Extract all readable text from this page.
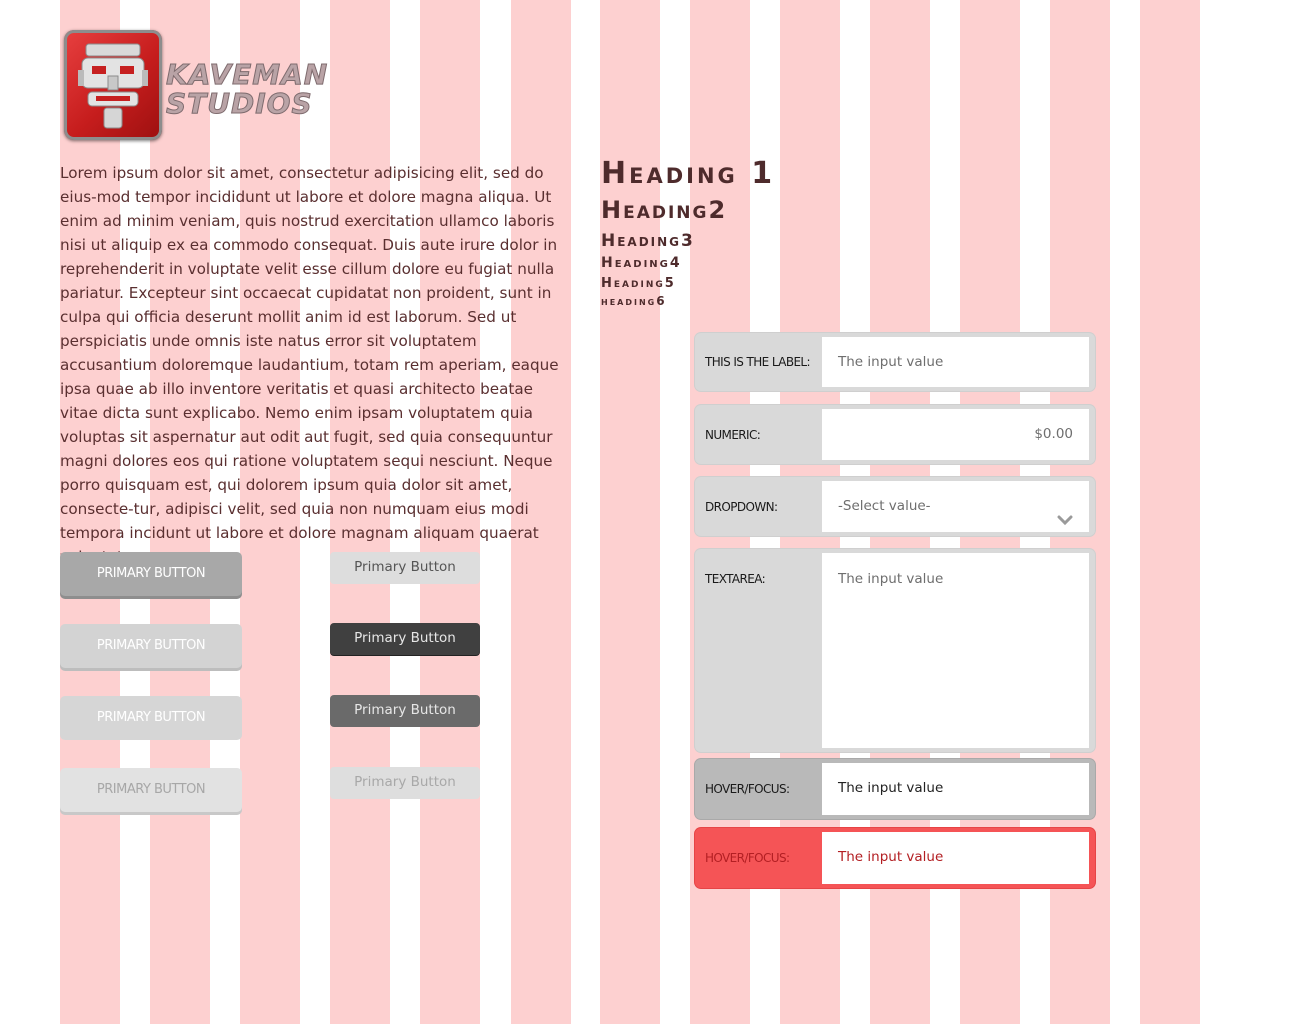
KAVEMAN
STUDIOS

Lorem ipsum dolor sit amet, consectetur adipisicing elit, sed do eius-mod tempor incididunt ut labore et dolore magna aliqua. Ut enim ad minim veniam, quis nostrud exercitation ullamco laboris nisi ut aliquip ex ea commodo consequat. Duis aute irure dolor in reprehenderit in voluptate velit esse cillum dolore eu fugiat nulla pariatur. Excepteur sint occaecat cupidatat non proident, sunt in culpa qui officia deserunt mollit anim id est laborum. Sed ut perspiciatis unde omnis iste natus error sit voluptatem accusantium doloremque laudantium, totam rem aperiam, eaque ipsa quae ab illo inventore veritatis et quasi architecto beatae vitae dicta sunt explicabo. Nemo enim ipsam voluptatem quia voluptas sit aspernatur aut odit aut fugit, sed quia consequuntur magni dolores eos qui ratione voluptatem sequi nesciunt. Neque porro quisquam est, qui dolorem ipsum quia dolor sit amet, consecte-tur, adipisci velit, sed quia non numquam eius modi tempora incidunt ut labore et dolore magnam aliquam quaerat

Heading 1
Heading2
Heading3
Heading4
Heading5
heading6
PRIMARY BUTTON
PRIMARY BUTTON
PRIMARY BUTTON
PRIMARY BUTTON
Primary Button
Primary Button
Primary Button
Primary Button
THIS IS THE LABEL:	The input value
NUMERIC:	$0.00
DROPDOWN:	-Select value-
TEXTAREA:	The input value
HOVER/FOCUS:	The input value
HOVER/FOCUS:	The input value
